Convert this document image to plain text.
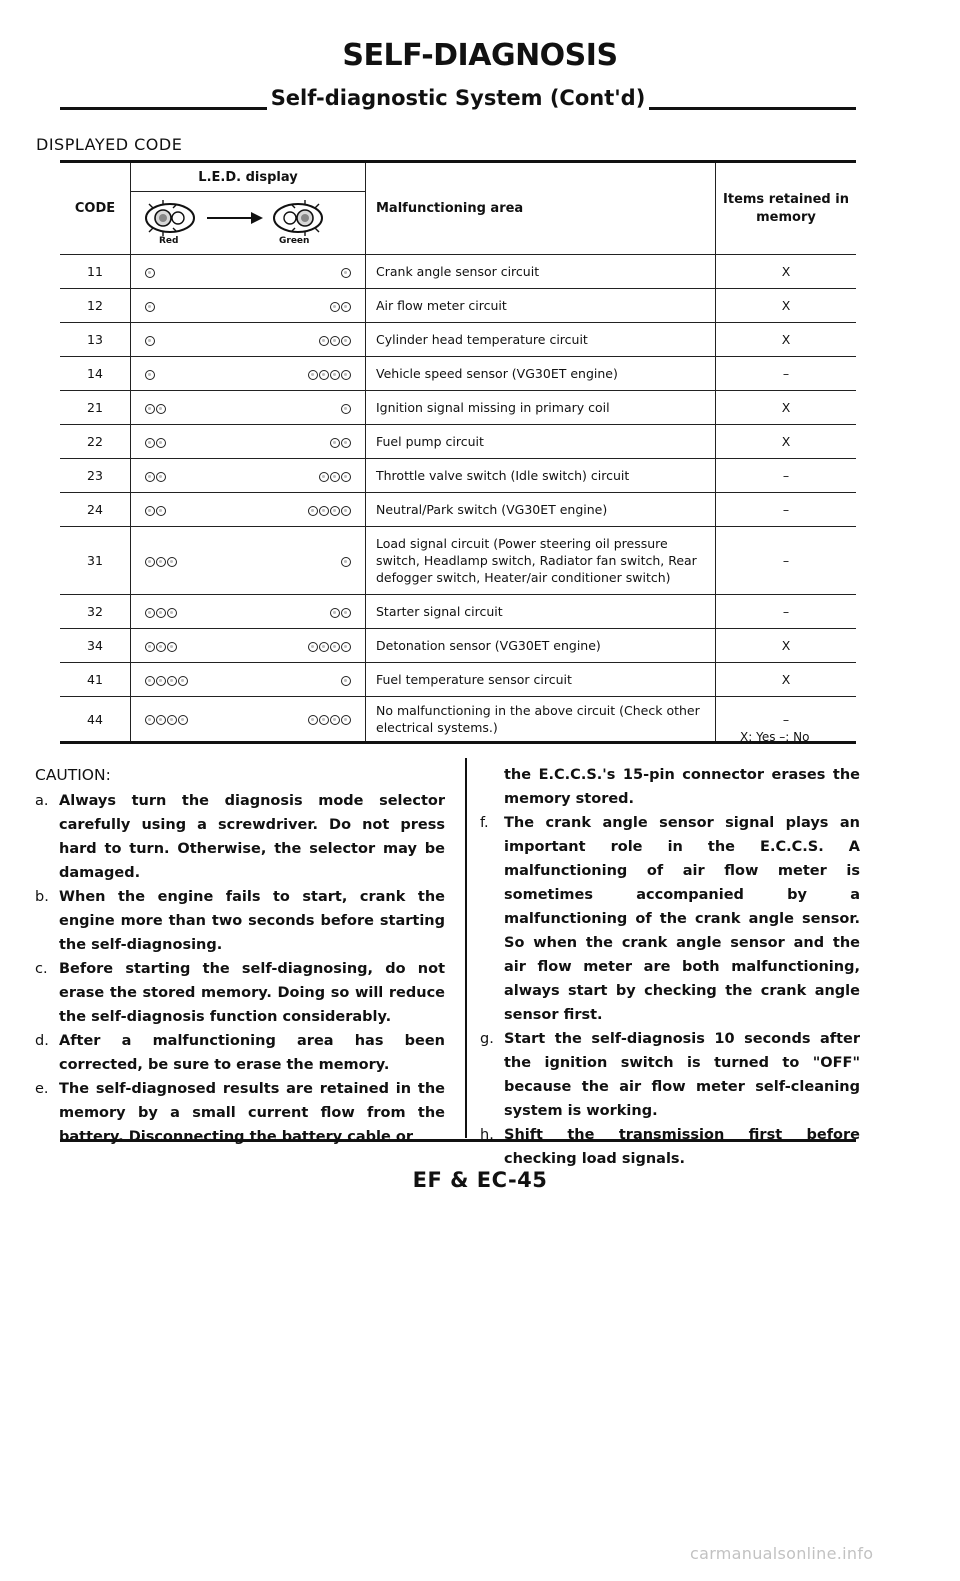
SELF-DIAGNOSIS
Self-diagnostic System (Cont'd)
DISPLAYED CODE
CODE	L.E.D. display		Malfunctioning area	Items retained in memory

	Red Green			

11			Crank angle sensor circuit	X
12			Air flow meter circuit	X
13			Cylinder head temperature circuit	X
14			Vehicle speed sensor (VG30ET engine)	–
21			Ignition signal missing in primary coil	X
22			Fuel pump circuit	X
23			Throttle valve switch (Idle switch) circuit	–
24			Neutral/Park switch (VG30ET engine)	–
31			Load signal circuit (Power steering oil pressure switch, Headlamp switch, Radiator fan switch, Rear defogger switch, Heater/air conditioner switch)	–
32			Starter signal circuit	–
34			Detonation sensor (VG30ET engine)	X
41			Fuel temperature sensor circuit	X
44			No malfunctioning in the above circuit (Check other electrical systems.)	–
X: Yes –: No
CAUTION:
a. Always turn the diagnosis mode selector carefully using a screwdriver. Do not press hard to turn. Otherwise, the selector may be damaged.
b. When the engine fails to start, crank the engine more than two seconds before starting the self-diagnosing.
c. Before starting the self-diagnosing, do not erase the stored memory. Doing so will reduce the self-diagnosis function considerably.
d. After a malfunctioning area has been corrected, be sure to erase the memory.
e. The self-diagnosed results are retained in the memory by a small current flow from the battery. Disconnecting the battery cable or
the E.C.C.S.'s 15-pin connector erases the memory stored.
f.	The crank angle sensor signal plays an important role in the E.C.C.S. A malfunctioning of air flow meter is sometimes accompanied by a malfunctioning of the crank angle sensor. So when the crank angle sensor and the air flow meter are both malfunctioning, always start by checking the crank angle sensor first.
g. Start the self-diagnosis 10 seconds after the ignition switch is turned to "OFF" because the air flow meter self-cleaning system is working.
h. Shift the transmission first before checking load signals.
EF & EC-45
carmanualsonline.info
